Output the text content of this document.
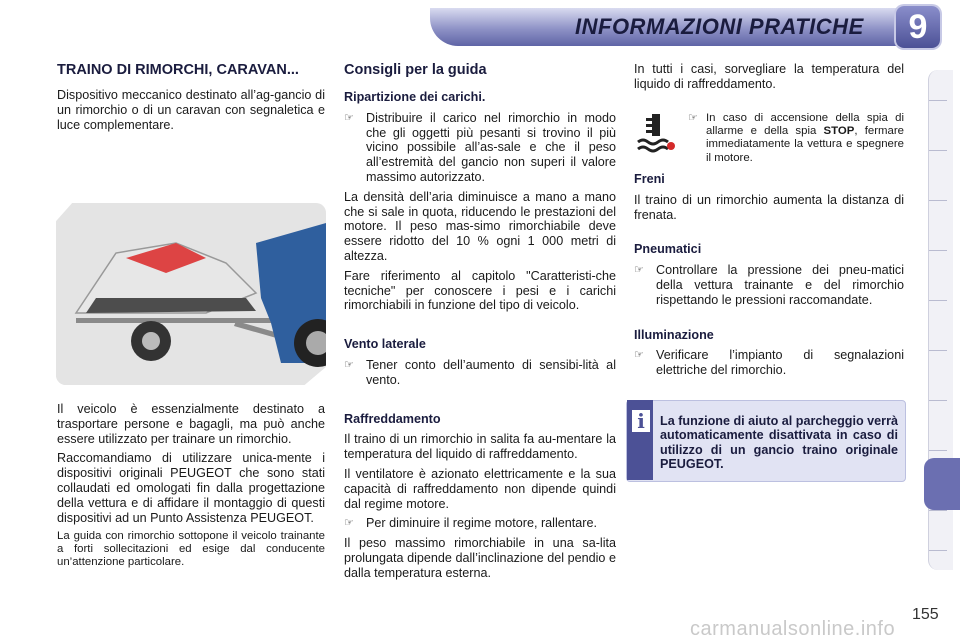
INFORMAZIONI PRATICHE	9
TRAINO DI RIMORCHI, CARAVAN...

Dispositivo meccanico destinato all’ag-gancio di un rimorchio o di un caravan con segnaletica e luce complementare.

Il veicolo è essenzialmente destinato a trasportare persone e bagagli, ma può anche essere utilizzato per trainare un rimorchio.

Raccomandiamo di utilizzare unica-mente i dispositivi originali PEUGEOT che sono stati collaudati ed omologati fin dalla progettazione della vettura e di affidare il montaggio di questi dispositivi ad un Punto Assistenza PEUGEOT.

La guida con rimorchio sottopone il veicolo trainante a forti sollecitazioni ed esige dal conducente un’attenzione particolare.

Consigli per la guida
Ripartizione dei carichi.
☞ Distribuire il carico nel rimorchio in modo che gli oggetti più pesanti si trovino il più vicino possibile all’as-sale e che il peso all’estremità del gancio non superi il valore massimo autorizzato.

La densità dell’aria diminuisce a mano a mano che si sale in quota, riducendo le prestazioni del motore. Il peso mas-simo rimorchiabile deve essere ridotto del 10 % ogni 1 000 metri di altezza.

Fare riferimento al capitolo "Caratteristi-che tecniche" per conoscere i pesi e i carichi rimorchiabili in funzione del tipo di veicolo.

Vento laterale
☞ Tener conto dell’aumento di sensibi-lità al vento.
Raffreddamento

Il traino di un rimorchio in salita fa au-mentare la temperatura del liquido di raffreddamento.

Il ventilatore è azionato elettricamente e la sua capacità di raffreddamento non dipende quindi dal regime motore.

☞ Per diminuire il regime motore, rallentare.

Il peso massimo rimorchiabile in una sa-lita prolungata dipende dall’inclinazione del pendio e dalla temperatura esterna.

In tutti i casi, sorvegliare la temperatura del liquido di raffreddamento.

☞ In caso di accensione della spia di allarme e della spia STOP, fermare immediatamente la vettura e spegnere il motore.
Freni

Il traino di un rimorchio aumenta la distanza di frenata.

Pneumatici
☞ Controllare la pressione dei pneu-matici della vettura trainante e del rimorchio rispettando le pressioni raccomandate.
Illuminazione
☞ Verificare l’impianto di segnalazioni elettriche del rimorchio.
i	La funzione di aiuto al parcheggio verrà automaticamente disattivata in caso di utilizzo di un gancio traino originale PEUGEOT.
155
carmanualsonline.info
